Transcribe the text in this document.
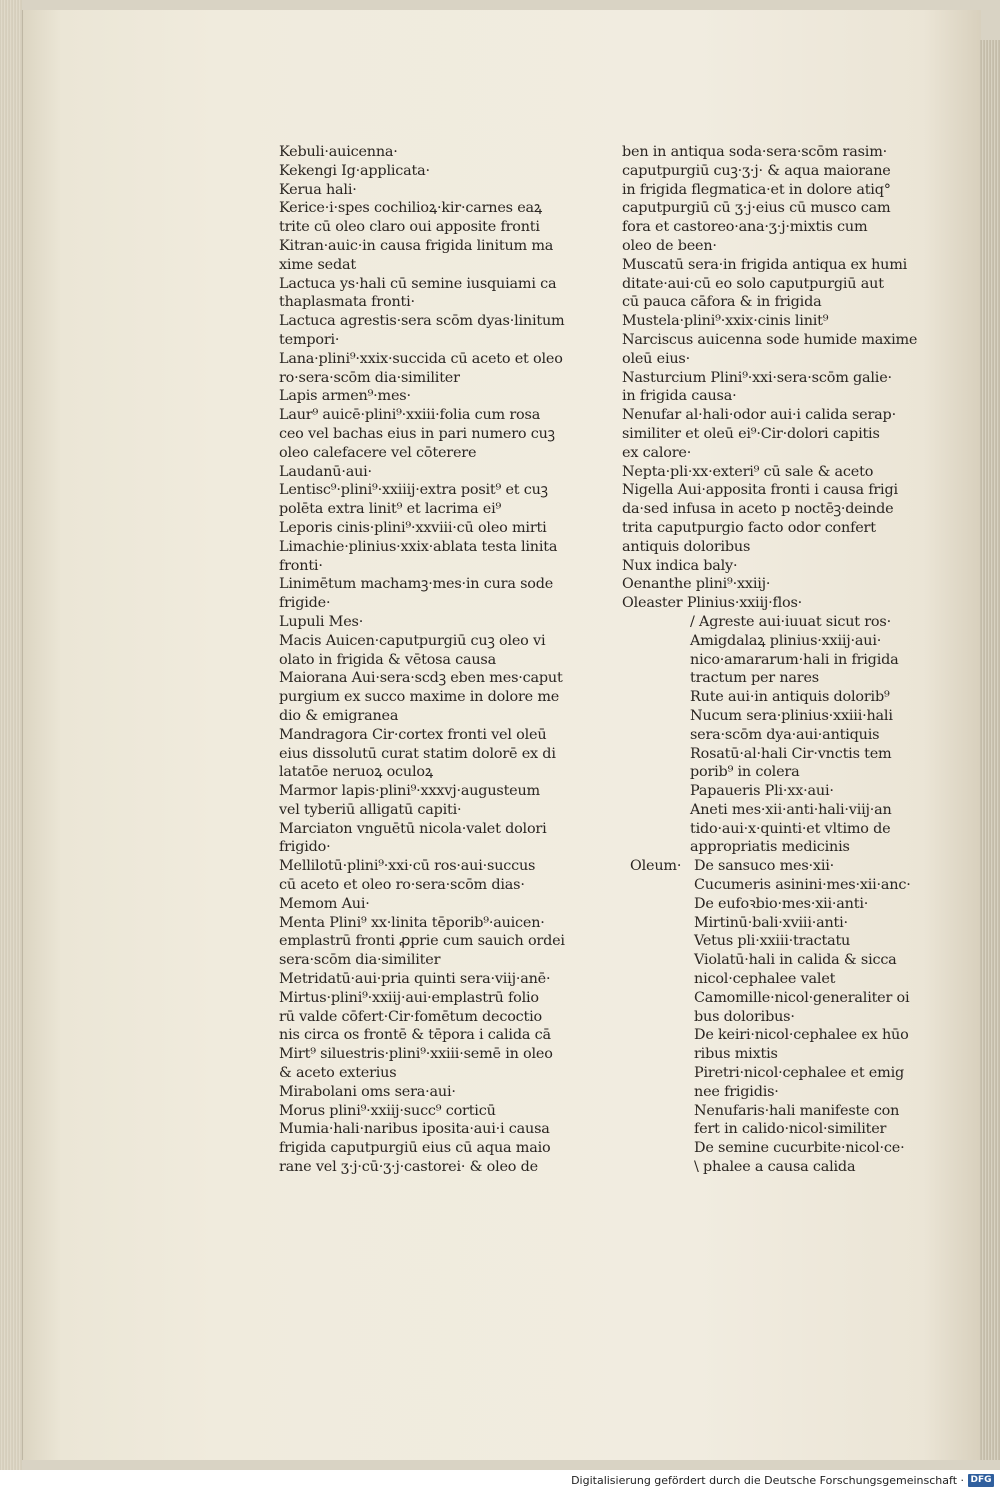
Kebuli·auicenna·
Kekengi Ig·applicata·
Kerua hali·
Kerice·i·spes cochilioꝝ·kir·carnes eaꝝ
trite cū oleo claro oui apposite fronti
Kitran·auic·in causa frigida linitum ma
xime sedat
Lactuca ys·hali cū semine iusquiami ca
thaplasmata fronti·
Lactuca agrestis·sera scōm dyas·linitum
tempori·
Lana·plini⁹·xxix·succida cū aceto et oleo
ro·sera·scōm dia·similiter
Lapis armen⁹·mes·
Laur⁹ auicē·plini⁹·xxiii·folia cum rosa
ceo vel bachas eius in pari numero cuꝫ
oleo calefacere vel cōterere
Laudanū·aui·
Lentisc⁹·plini⁹·xxiiij·extra posit⁹ et cuꝫ
polēta extra linit⁹ et lacrima ei⁹
Leporis cinis·plini⁹·xxviii·cū oleo mirti
Limachie·plinius·xxix·ablata testa linita
fronti·
Linimētum machamꝫ·mes·in cura sode
frigide·
Lupuli Mes·
Macis Auicen·caputpurgiū cuꝫ oleo vi
olato in frigida & vētosa causa
Maiorana Aui·sera·scdꝫ eben mes·caput
purgium ex succo maxime in dolore me
dio & emigranea
Mandragora Cir·cortex fronti vel oleū
eius dissolutū curat statim dolorē ex di
latatōe neruoꝝ oculoꝝ
Marmor lapis·plini⁹·xxxvj·augusteum
vel tyberiū alligatū capiti·
Marciaton vnguētū nicola·valet dolori
frigido·
Mellilotū·plini⁹·xxi·cū ros·aui·succus
cū aceto et oleo ro·sera·scōm dias·
Memom Aui·
Menta Plini⁹ xx·linita tēporib⁹·auicen·
emplastrū fronti ꝓprie cum sauich ordei
sera·scōm dia·similiter
Metridatū·aui·pria quinti sera·viij·anē·
Mirtus·plini⁹·xxiij·aui·emplastrū folio
rū valde cōfert·Cir·fomētum decoctio
nis circa os frontē & tēpora i calida cā
Mirt⁹ siluestris·plini⁹·xxiii·semē in oleo
& aceto exterius
Mirabolani oms sera·aui·
Morus plini⁹·xxiij·succ⁹ corticū
Mumia·hali·naribus iposita·aui·i causa
frigida caputpurgiū eius cū aqua maio
rane vel ʒ·j·cū·ʒ·j·castorei· & oleo de
ben in antiqua soda·sera·scōm rasim·
caputpurgiū cuꝫ·ʒ·j· & aqua maiorane
in frigida flegmatica·et in dolore atiq°
caputpurgiū cū ʒ·j·eius cū musco cam
fora et castoreo·ana·ʒ·j·mixtis cum
oleo de been·
Muscatū sera·in frigida antiqua ex humi
ditate·aui·cū eo solo caputpurgiū aut
cū pauca cāfora & in frigida
Mustela·plini⁹·xxix·cinis linit⁹
Narciscus auicenna sode humide maxime
oleū eius·
Nasturcium Plini⁹·xxi·sera·scōm galie·
in frigida causa·
Nenufar al·hali·odor aui·i calida serap·
similiter et oleū ei⁹·Cir·dolori capitis
ex calore·
Nepta·pli·xx·exteri⁹ cū sale & aceto
Nigella Aui·apposita fronti i causa frigi
da·sed infusa in aceto p noctēꝫ·deinde
trita caputpurgio facto odor confert
antiquis doloribus
Nux indica baly·
Oenanthe plini⁹·xxiij·
Oleaster Plinius·xxiij·flos·
/ Agreste aui·iuuat sicut ros·
Amigdalaꝝ plinius·xxiij·aui·
nico·amararum·hali in frigida
tractum per nares
Rute aui·in antiquis dolorib⁹
Nucum sera·plinius·xxiii·hali
sera·scōm dya·aui·antiquis
Rosatū·al·hali Cir·vnctis tem
porib⁹ in colera
Papaueris Pli·xx·aui·
Aneti mes·xii·anti·hali·viij·an
tido·aui·x·quinti·et vltimo de
appropriatis medicinis
Oleum· De sansuco mes·xii·
Cucumeris asinini·mes·xii·anc·
De eufoꝛbio·mes·xii·anti·
Mirtinū·bali·xviii·anti·
Vetus pli·xxiii·tractatu
Violatū·hali in calida & sicca
nicol·cephalee valet
Camomille·nicol·generaliter oi
bus doloribus·
De keiri·nicol·cephalee ex hūo
ribus mixtis
Piretri·nicol·cephalee et emig
nee frigidis·
Nenufaris·hali manifeste con
fert in calido·nicol·similiter
De semine cucurbite·nicol·ce·
\ phalee a causa calida
Digitalisierung gefördert durch die Deutsche Forschungsgemeinschaft · DFG
